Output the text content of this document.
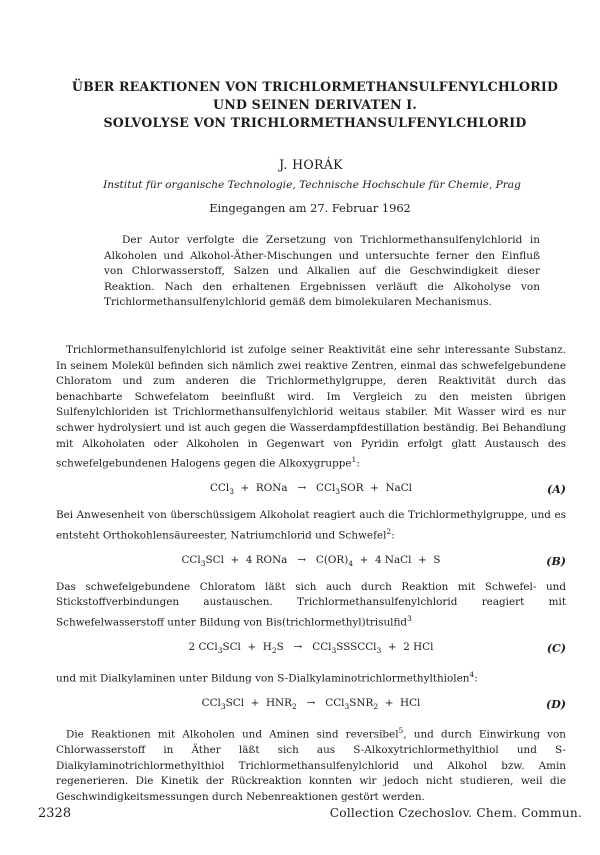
ÜBER REAKTIONEN VON TRICHLORMETHANSULFENYLCHLORID
UND SEINEN DERIVATEN I.
SOLVOLYSE VON TRICHLORMETHANSULFENYLCHLORID
J. HORÁK
Institut für organische Technologie, Technische Hochschule für Chemie, Prag
Eingegangen am 27. Februar 1962
Der Autor verfolgte die Zersetzung von Trichlormethansulfenylchlorid in Alkoholen und Alkohol-Äther-Mischungen und untersuchte ferner den Einfluß von Chlorwasserstoff, Salzen und Alkalien auf die Geschwindigkeit dieser Reaktion. Nach den erhaltenen Ergebnissen verläuft die Alkoholyse von Trichlormethansulfenylchlorid gemäß dem bimolekularen Mechanismus.

Trichlormethansulfenylchlorid ist zufolge seiner Reaktivität eine sehr interessante Substanz. In seinem Molekül befinden sich nämlich zwei reaktive Zentren, einmal das schwefelgebundene Chloratom und zum anderen die Trichlormethylgruppe, deren Reaktivität durch das benachbarte Schwefelatom beeinflußt wird. Im Vergleich zu den meisten übrigen Sulfenylchloriden ist Trichlormethansulfenylchlorid weitaus stabiler. Mit Wasser wird es nur schwer hydrolysiert und ist auch gegen die Wasserdampfdestillation beständig. Bei Behandlung mit Alkoholaten oder Alkoholen in Gegenwart von Pyridin erfolgt glatt Austausch des schwefelgebundenen Halogens gegen die Alkoxygruppe$^1$:

CCl$_3$  +  RONa   →   CCl$_3$SOR  +  NaCl	(A)

Bei Anwesenheit von überschüssigem Alkoholat reagiert auch die Trichlormethylgruppe, und es entsteht Orthokohlensäureester, Natriumchlorid und Schwefel$^2$:

CCl$_3$SCl  +  4 RONa   →   $C(OR)_4 + 4$ NaCl  +  S	(B)

Das schwefelgebundene Chloratom läßt sich auch durch Reaktion mit Schwefel- und Stickstoffverbindungen austauschen. Trichlormethansulfenylchlorid reagiert mit Schwefelwasserstoff unter Bildung von Bis(trichlormethyl)trisulfid$^3$

2 $CCl_3SCl + H_2S$   →   CCl$_3$SSSCCl$_3$  +  2 HCl	(C)

und mit Dialkylaminen unter Bildung von S-Dialkylaminotrichlormethylthiolen$^4$:

$CCl_3SCl + HNR_2 \to CCl_3SNR_2$  +  HCl	(D)

Die Reaktionen mit Alkoholen und Aminen sind reversibel$^5$, und durch Einwirkung von Chlorwasserstoff in Äther läßt sich aus S-Alkoxytrichlormethylthiol und S-Dialkylaminotrichlormethylthiol Trichlormethansulfenylchlorid und Alkohol bzw. Amin regenerieren. Die Kinetik der Rückreaktion konnten wir jedoch nicht studieren, weil die Geschwindigkeitsmessungen durch Nebenreaktionen gestört werden.

2328	Collection Czechoslov. Chem. Commun.
